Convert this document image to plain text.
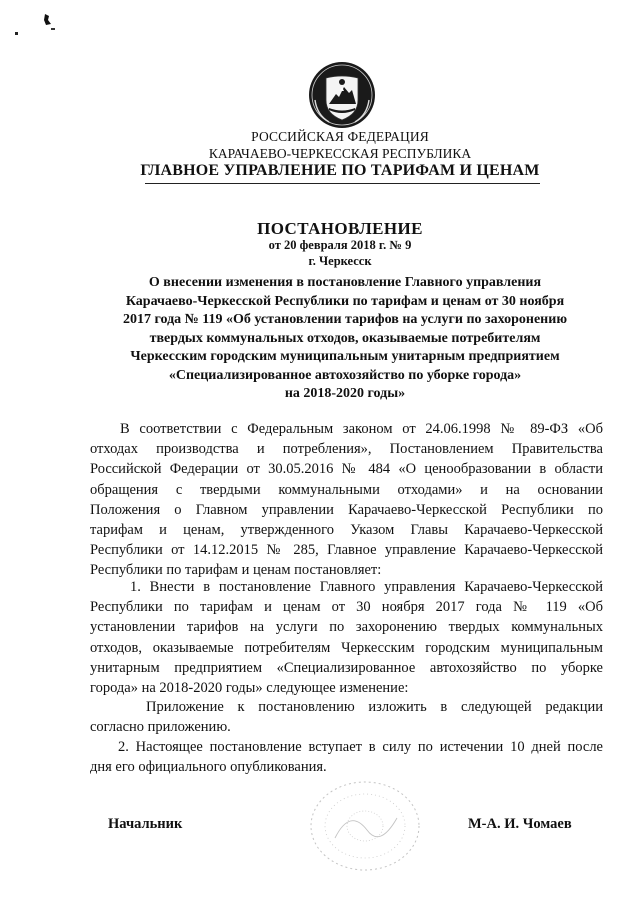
РОССИЙСКАЯ ФЕДЕРАЦИЯ
КАРАЧАЕВО-ЧЕРКЕССКАЯ РЕСПУБЛИКА
ГЛАВНОЕ УПРАВЛЕНИЕ ПО ТАРИФАМ И ЦЕНАМ
ПОСТАНОВЛЕНИЕ
от 20 февраля 2018 г. № 9
г. Черкесск
О внесении изменения в постановление Главного управления
Карачаево-Черкесской Республики по тарифам и ценам от 30 ноября
2017 года № 119 «Об установлении тарифов на услуги по захоронению
твердых коммунальных отходов, оказываемые потребителям
Черкесским городским муниципальным унитарным предприятием
«Специализированное автохозяйство по уборке города»
на 2018-2020 годы»
В соответствии с Федеральным законом от 24.06.1998 № 89-ФЗ «Об
отходах производства и потребления», Постановлением Правительства
Российской Федерации от 30.05.2016 № 484 «О ценообразовании в области
обращения с твердыми коммунальными отходами» и на основании
Положения о Главном управлении Карачаево-Черкесской Республики по
тарифам и ценам, утвержденного Указом Главы Карачаево-Черкесской
Республики от 14.12.2015 № 285, Главное управление Карачаево-Черкесской
Республики по тарифам и ценам постановляет:
1. Внести в постановление Главного управления Карачаево-Черкесской
Республики по тарифам и ценам от 30 ноября 2017 года № 119 «Об
установлении тарифов на услуги по захоронению твердых коммунальных
отходов, оказываемые потребителям Черкесским городским муниципальным
унитарным предприятием «Специализированное автохозяйство по уборке
города» на 2018-2020 годы» следующее изменение:
Приложение к постановлению изложить в следующей редакции
согласно приложению.
2. Настоящее постановление вступает в силу по истечении 10 дней после
дня его официального опубликования.
Начальник	М-А. И. Чомаев
